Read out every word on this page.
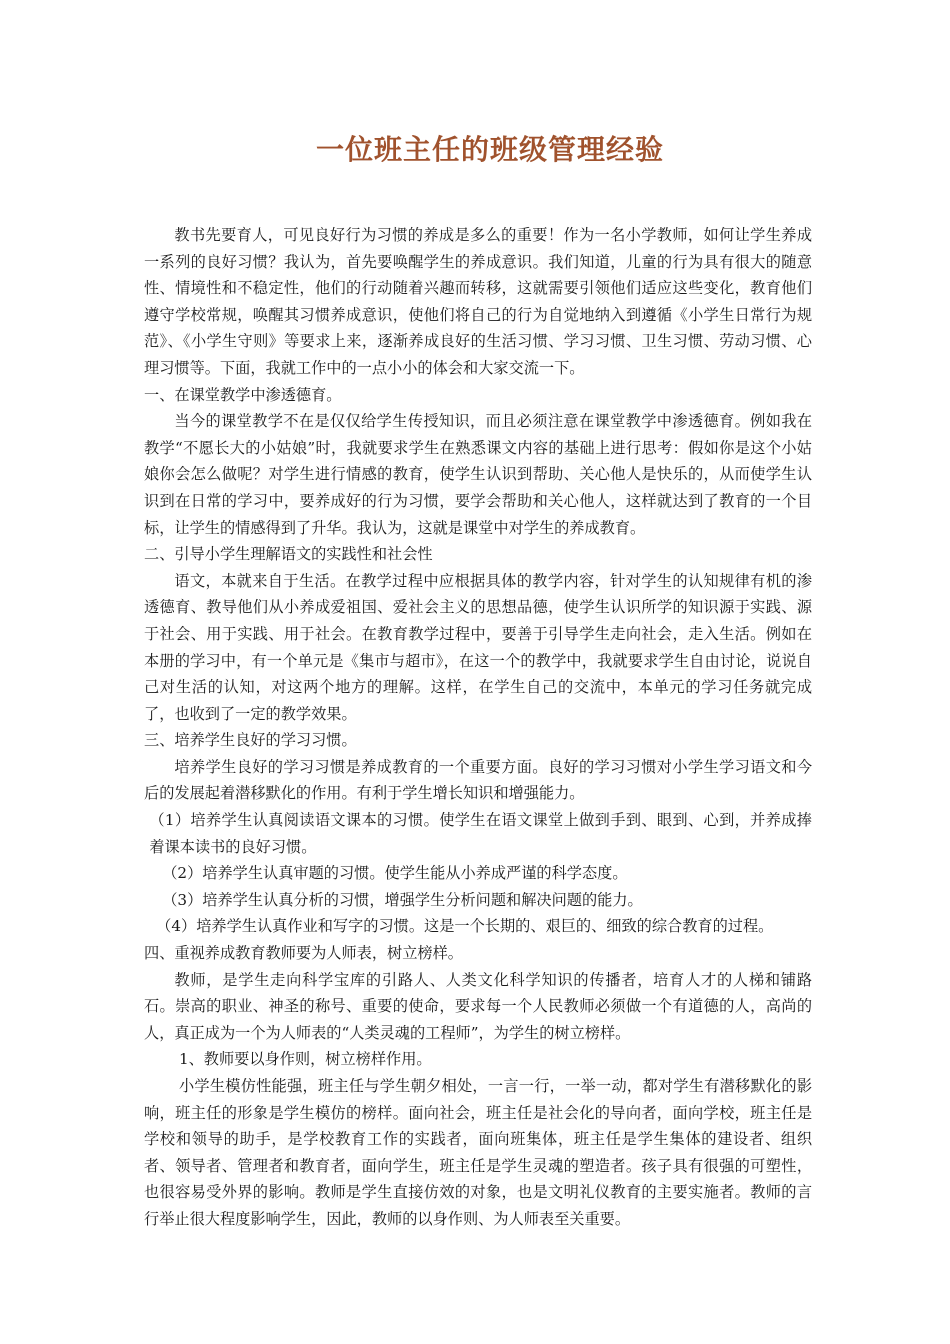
一位班主任的班级管理经验

教书先要育人，可见良好行为习惯的养成是多么的重要！作为一名小学教师，如何让学生养成一系列的良好习惯？我认为，首先要唤醒学生的养成意识。我们知道，儿童的行为具有很大的随意性、情境性和不稳定性，他们的行动随着兴趣而转移，这就需要引领他们适应这些变化，教育他们遵守学校常规，唤醒其习惯养成意识，使他们将自己的行为自觉地纳入到遵循《小学生日常行为规范》、《小学生守则》等要求上来，逐渐养成良好的生活习惯、学习习惯、卫生习惯、劳动习惯、心理习惯等。下面，我就工作中的一点小小的体会和大家交流一下。

一、在课堂教学中渗透德育。

当今的课堂教学不在是仅仅给学生传授知识，而且必须注意在课堂教学中渗透德育。例如我在教学“不愿长大的小姑娘”时，我就要求学生在熟悉课文内容的基础上进行思考：假如你是这个小姑娘你会怎么做呢？对学生进行情感的教育，使学生认识到帮助、关心他人是快乐的，从而使学生认识到在日常的学习中，要养成好的行为习惯，要学会帮助和关心他人，这样就达到了教育的一个目标，让学生的情感得到了升华。我认为，这就是课堂中对学生的养成教育。

二、引导小学生理解语文的实践性和社会性

语文，本就来自于生活。在教学过程中应根据具体的教学内容，针对学生的认知规律有机的渗透德育、教导他们从小养成爱祖国、爱社会主义的思想品德，使学生认识所学的知识源于实践、源于社会、用于实践、用于社会。在教育教学过程中，要善于引导学生走向社会，走入生活。例如在本册的学习中，有一个单元是《集市与超市》，在这一个的教学中，我就要求学生自由讨论，说说自己对生活的认知，对这两个地方的理解。这样，在学生自己的交流中，本单元的学习任务就完成了，也收到了一定的教学效果。

三、培养学生良好的学习习惯。

培养学生良好的学习习惯是养成教育的一个重要方面。良好的学习习惯对小学生学习语文和今后的发展起着潜移默化的作用。有利于学生增长知识和增强能力。

（1）培养学生认真阅读语文课本的习惯。使学生在语文课堂上做到手到、眼到、心到，并养成捧着课本读书的良好习惯。

（2）培养学生认真审题的习惯。使学生能从小养成严谨的科学态度。

（3）培养学生认真分析的习惯，增强学生分析问题和解决问题的能力。

（4）培养学生认真作业和写字的习惯。这是一个长期的、艰巨的、细致的综合教育的过程。

四、重视养成教育教师要为人师表，树立榜样。

教师，是学生走向科学宝库的引路人、人类文化科学知识的传播者，培育人才的人梯和铺路石。崇高的职业、神圣的称号、重要的使命，要求每一个人民教师必须做一个有道德的人，高尚的人，真正成为一个为人师表的“人类灵魂的工程师”，为学生的树立榜样。

1、教师要以身作则，树立榜样作用。

小学生模仿性能强，班主任与学生朝夕相处，一言一行，一举一动，都对学生有潜移默化的影响，班主任的形象是学生模仿的榜样。面向社会，班主任是社会化的导向者，面向学校，班主任是学校和领导的助手，是学校教育工作的实践者，面向班集体，班主任是学生集体的建设者、组织者、领导者、管理者和教育者，面向学生，班主任是学生灵魂的塑造者。孩子具有很强的可塑性，也很容易受外界的影响。教师是学生直接仿效的对象，也是文明礼仪教育的主要实施者。教师的言行举止很大程度影响学生，因此，教师的以身作则、为人师表至关重要。
